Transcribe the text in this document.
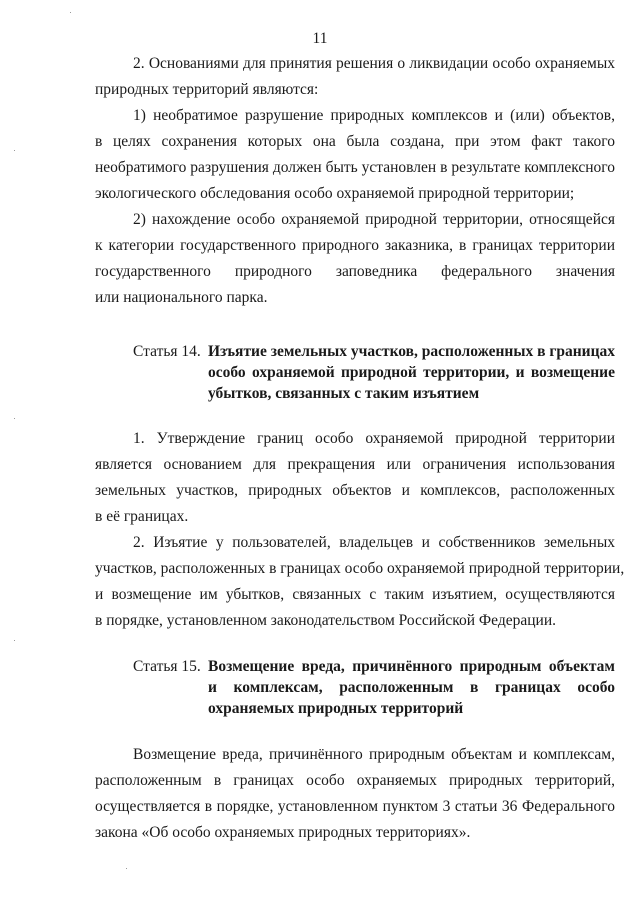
11
2. Основаниями для принятия решения о ликвидации особо охраняемых
природных территорий являются:
1) необратимое разрушение природных комплексов и (или) объектов,
в целях сохранения которых она была создана, при этом факт такого
необратимого разрушения должен быть установлен в результате комплексного
экологического обследования особо охраняемой природной территории;
2) нахождение особо охраняемой природной территории, относящейся
к категории государственного природного заказника, в границах территории
государственного природного заповедника федерального значения
или национального парка.
Статья 14. Изъятие земельных участков, расположенных в границах
особо охраняемой природной территории, и возмещение
убытков, связанных с таким изъятием
1. Утверждение границ особо охраняемой природной территории
является основанием для прекращения или ограничения использования
земельных участков, природных объектов и комплексов, расположенных
в её границах.
2. Изъятие у пользователей, владельцев и собственников земельных
участков, расположенных в границах особо охраняемой природной территории,
и возмещение им убытков, связанных с таким изъятием, осуществляются
в порядке, установленном законодательством Российской Федерации.
Статья 15. Возмещение вреда, причинённого природным объектам
и комплексам, расположенным в границах особо
охраняемых природных территорий
Возмещение вреда, причинённого природным объектам и комплексам,
расположенным в границах особо охраняемых природных территорий,
осуществляется в порядке, установленном пунктом 3 статьи 36 Федерального
закона «Об особо охраняемых природных территориях».
